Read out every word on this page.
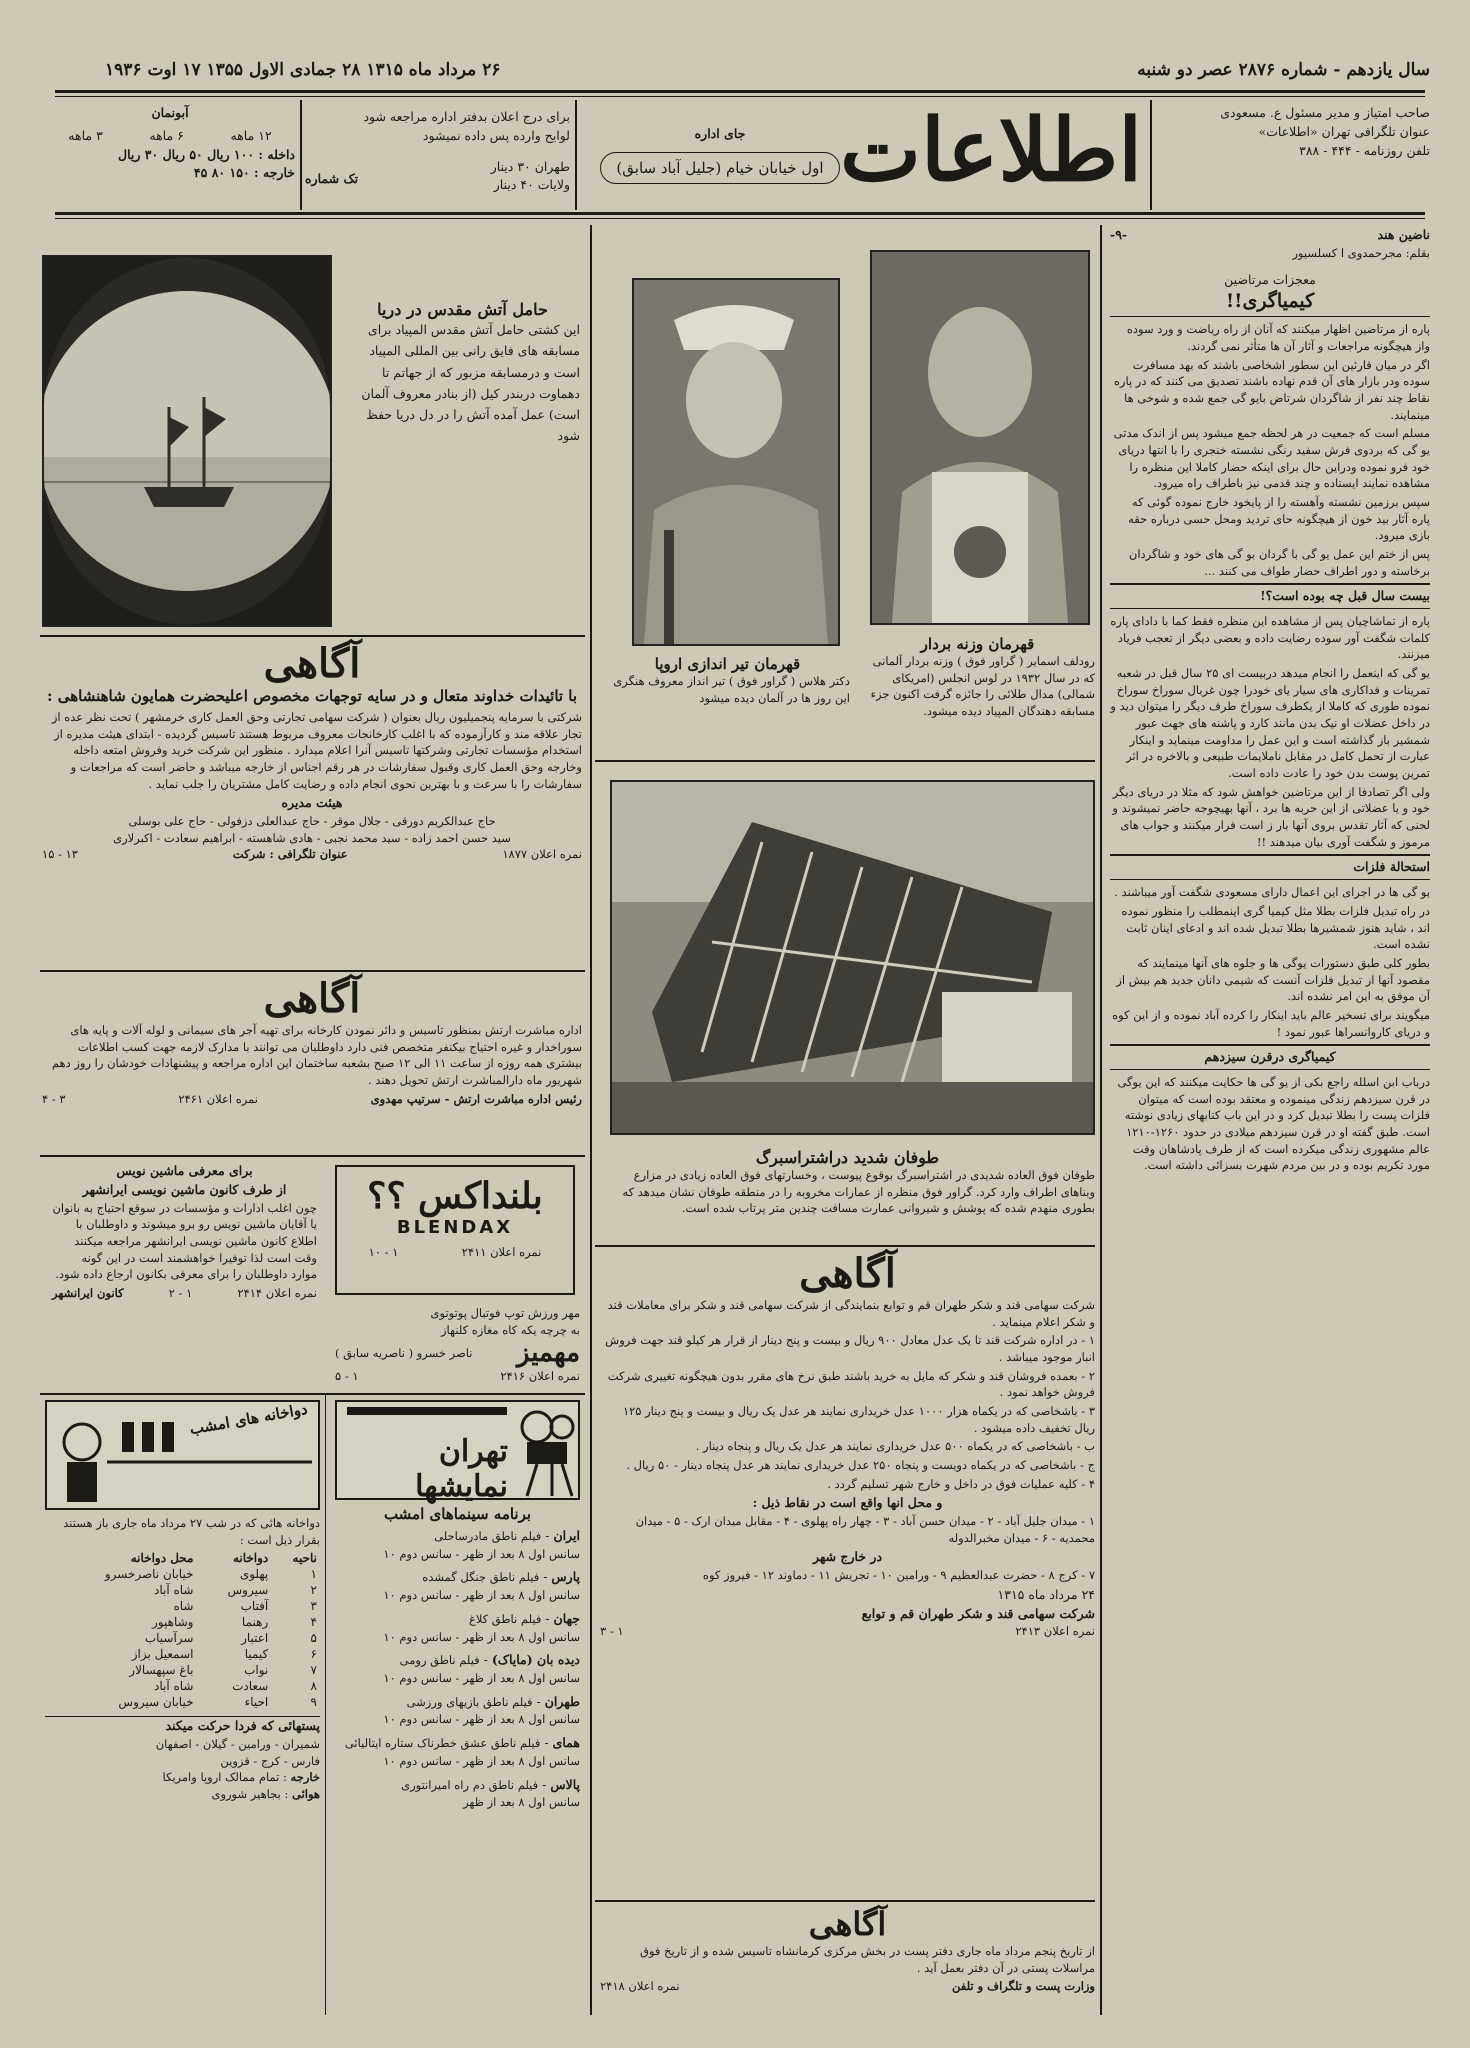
سال یازدهم - شماره ۲۸۷۶ عصر دو شنبه
۲۶ مرداد ماه ۱۳۱۵ ۲۸ جمادی الاول ۱۳۵۵ ۱۷ اوت ۱۹۳۶
صاحب امتیاز و مدیر مسئول ع. مسعودی
عنوان تلگرافی تهران «اطلاعات»
تلفن روزنامه - ۴۴۴ - ۳۸۸
اطلاعات
جای اداره
اول خیابان خیام (جلیل آباد سابق)
برای درج اعلان بدفتر اداره مراجعه شود
لوایح وارده پس داده نمیشود
طهران ۳۰ دینار
ولایات ۴۰ دینار
تک شماره
آبونمان
۱۲ ماهه
۶ ماهه
۳ ماهه
داخله : ۱۰۰ ریال ۵۰ ریال ۳۰ ریال
خارجه : ۱۵۰ ۸۰ ۴۵
ناضین هند
-۹-
بقلم: مجرحمدوی ا کسلسیور
معجزات مرتاضین
کیمیاگری!!

پاره از مرتاضین اظهار میکنند که آنان از راه ریاضت و ورد سوده واز هیچگونه مراجعات و آثار آن ها متأثر نمی گردند.

اگر در میان قارئین این سطور اشخاصی باشند که بهد مسافرت سوده ودر بازار های آن قدم نهاده باشند تصدیق می کنند که در پاره نقاط چند نفر از شاگردان شرتاض بایو گی جمع شده و شوخی ها مینمایند.

مسلم است که جمعیت در هر لحظه جمع میشود پس از اندک مدتی یو گی که بردوی فرش سفید رنگی نشسته خنجری را با انتها دریای خود فرو نموده ودراین حال برای اینکه حضار کاملا این منظره را مشاهده نمایند ایستاده و چند قدمی نیز باطراف راه میرود.

سپس برزمین نشسته وآهسته را از پایخود خارج نموده گوئی که پاره آثار بید خون از هیچگونه حای تردید ومحل حسی درباره حقه بازی میرود.

پس از ختم این عمل یو گی با گردان بو گی های خود و شاگردان برخاسته و دور اطراف حضار طواف می کنند ...

بیست سال قبل چه بوده است؟!

پاره از تماشاچیان پس از مشاهده این منظره فقط کما با دادای پاره کلمات شگفت آور سوده رضایت داده و بعضی دیگر از تعجب فریاد میزنند.

یو گی که اینعمل را انجام میدهد دربیست ای ۲۵ سال قبل در شعبه تمرینات و فداکاری های سیار یای خودرا چون غربال سوراخ سوراخ نموده طوری که کاملا از یکطرف سوراخ طرف دیگر را میتوان دید و در داخل عضلات او نیک بدن مانند کارد و پاشنه های جهت عبور شمشیر باز گذاشته است و این عمل را مداومت مینماید و اینکار عبارت از تحمل کامل در مقابل ناملایمات طبیعی و بالاخره در اثر تمرین پوست بدن خود را عادت داده است.

ولی اگر تصادفا از این مرتاضین خواهش شود که مثلا در دریای دیگر خود و یا عضلاتی از این حربه ها برد ، آنها بهیچوجه حاضر نمیشوند و لحنی که آثار تقدس بروی آنها بار ز است فرار میکنند و جواب های مرموز و شگفت آوری بیان میدهند !!

استحالة فلزات

یو گی ها در اجرای این اعمال دارای مسعودی شگفت آور میباشند .

در راه تبدیل فلزات بطلا مثل کیمیا گری اینمطلب را منظور نموده اند ، شاید هنوز شمشیرها بطلا تبدیل شده اند و ادعای اینان ثابت نشده است.

بطور کلی طبق دستورات یوگی ها و جلوه های آنها مینمایند که مقصود آنها از تبدیل فلزات آنست که شیمی دانان جدید هم بیش از آن موفق به این امر نشده اند.

میگویند برای تسخیر عالم باید اینکار را کرده آباد نموده و از این کوه و دریای کاروانسراها عبور نمود !

کیمیاگری درقرن سیزدهم

درباب ابن اسلله راجع بکی از یو گی ها حکایت میکنند که این یوگی در قرن سیزدهم زندگی مینموده و معتقد بوده است که میتوان فلزات پست را بطلا تبدیل کرد و در این باب کتابهای زیادی نوشته است. طبق گفته او در قرن سیزدهم میلادی در حدود ۱۲۶۰-۱۲۱۰ عالم مشهوری زندگی میکرده است که از طرف پادشاهان وقت مورد تکریم بوده و در بین مردم شهرت بسزائی داشته است.

قهرمان وزنه بردار

رودلف اسماير ( گراور فوق ) وزنه بردار آلمانی که در سال ۱۹۳۲ در لوس انجلس (امریکای شمالی) مدال طلائی را جائزه گرفت اکنون جزء مسابقه دهندگان المپیاد دیده میشود.

قهرمان تیر اندازی اروپا

دکتر هلاس ( گراور فوق ) تیر انداز معروف هنگری این روز ها در آلمان دیده میشود

طوفان شدید دراشتراسبرگ

طوفان فوق العاده شدیدی در اشتراسبرگ بوقوع پیوست ، وخسارتهای فوق العاده زیادی در مزارع وبناهای اطراف وارد کرد. گراور فوق منظره از عمارات مخروبه را در منطقه طوفان نشان میدهد که بطوری منهدم شده که پوشش و شیروانی عمارت مسافت چندین متر پرتاب شده است.

آگاهی

شرکت سهامی قند و شکر طهران قم و توابع بنمایندگی از شرکت سهامی قند و شکر برای معاملات قند و شکر اعلام مینماید .

۱ - در اداره شرکت قند تا یک عدل معادل ۹۰۰ ریال و بیست و پنج دینار از قرار هر کیلو قند جهت فروش انبار موجود میباشد .

۲ - بعمده فروشان قند و شکر که مایل به خرید باشند طبق نرخ های مقرر بدون هیچگونه تغییری شرکت فروش خواهد نمود .

۳ - باشخاصی که در یکماه هزار ۱۰۰۰ عدل خریداری نمایند هر عدل یک ریال و بیست و پنج دینار ۱۲۵ ریال تخفیف داده میشود .

ب - باشخاصی که در یکماه ۵۰۰ عدل خریداری نمایند هر عدل یک ریال و پنجاه دینار .

ج - باشخاصی که در یکماه دویست و پنجاه ۲۵۰ عدل خریداری نمایند هر عدل پنجاه دینار - ۵۰ ریال .

۴ - کلیه عملیات فوق در داخل و خارج شهر تسلیم گردد .

و محل انها واقع است در نقاط ذیل :

۱ - میدان جلیل آباد - ۲ - میدان حسن آباد - ۳ - چهار راه پهلوی - ۴ - مقابل میدان ارک - ۵ - میدان محمدیه - ۶ - میدان مخبرالدوله

در خارج شهر

۷ - کرج ۸ - حضرت عبدالعظیم ۹ - ورامین ۱۰ - تجریش ۱۱ - دماوند ۱۲ - فیروز کوه

۲۴ مرداد ماه ۱۳۱۵
شرکت سهامی قند و شکر طهران قم و توابع
نمره اعلان ۲۴۱۳
۱ - ۳
آگاهی

از تاریخ پنجم مرداد ماه جاری دفتر پست در بخش مرکزی کرمانشاه تاسیس شده و از تاریخ فوق مراسلات پستی در آن دفتر بعمل آید .

وزارت پست و تلگراف و تلفن
نمره اعلان ۲۴۱۸
حامل آتش مقدس در دریا

این کشتی حامل آتش مقدس المپیاد برای مسابقه های فایق رانی بین المللی المپیاد است و درمسابقه مزبور که از جهاتم تا دهماوت دربندر کیل (از بنادر معروف آلمان است) عمل آمده آتش را در دل دریا حفظ شود

آگاهی
با تائیدات خداوند متعال و در سایه توجهات مخصوص اعلیحضرت همایون شاهنشاهی :

شرکتی با سرمایه پنجمیلیون ریال بعنوان ( شرکت سهامی تجارتی وحق العمل کاری خرمشهر ) تحت نظر عده از تجار علاقه مند و کارآزموده که با اغلب کارخانجات معروف مربوط هستند تاسیس گردیده - ابتدای هیئت مدیره از استخدام مؤسسات تجارتی وشرکتها تاسیس آنرا اعلام میدارد . منظور این شرکت خرید وفروش امتعه داخله وخارجه وحق العمل کاری وقبول سفارشات در هر رقم اجناس از خارجه میباشد و حاضر است که مراجعات و سفارشات را با سرعت و با بهترین نحوی انجام داده و رضایت کامل مشتریان را جلب نماید .

هیئت مدیره
حاج عبدالکریم دورقی - جلال موقر - حاج عبدالعلی دزفولی - حاج علی بوسلی
سید حسن احمد زاده - سید محمد نجبی - هادی شاهسته - ابراهیم سعادت - اکبرلاری
نمره اعلان ۱۸۷۷
عنوان تلگرافی : شرکت
۱۳ - ۱۵
آگاهی

اداره مباشرت ارتش بمنظور تاسیس و دائر نمودن کارخانه برای تهیه آجر های سیمانی و لوله آلات و پایه های سوراخدار و غیره احتیاج بیکنفر متخصص فنی دارد داوطلبان می توانند با مدارک لازمه جهت کسب اطلاعات بیشتری همه روزه از ساعت ۱۱ الی ۱۲ صبح بشعبه ساختمان این اداره مراجعه و پیشنهادات خودشان را روز دهم شهریور ماه دارالمباشرت ارتش تحویل دهند .

رئیس اداره مباشرت ارتش - سرتیپ مهدوی
نمره اعلان ۲۴۶۱
۳ - ۴
برای معرفی ماشین نویس
از طرف کانون ماشین نویسی ایرانشهر

چون اغلب ادارات و مؤسسات در سوقع احتیاج به بانوان یا آقایان ماشین نویس رو برو میشوند و داوطلبان با اطلاع کانون ماشین نویسی ایرانشهر مراجعه میکنند وقت است لذا توفیرا خواهشمند است در این گونه موارد داوطلبان را برای معرفی بکانون ارجاع داده شود.

نمره اعلان ۲۴۱۴
۱ - ۲
کانون ایرانشهر
بلنداکس ؟؟
BLENDAX
نمره اعلان ۲۴۱۱
۱ - ۱۰
مهر ورزش توپ فوتبال پوتوتوی
به چرچه یکه کاه مغازه کلنهاز
مهمیز
ناصر خسرو ( ناصریه سابق )
نمره اعلان ۲۴۱۶
۱ - ۵
دواخانه های امشب

دواخانه هائی که در شب ۲۷ مرداد ماه جاری باز هستند بقرار ذیل است :

ناحیه	دواخانه	محل دواخانه
۱	پهلوی	خیابان ناصرخسرو
۲	سیروس	شاه آباد
۳	آفتاب	شاه
۴	رهنما	وشاهپور
۵	اعتبار	سرآسیاب
۶	کیمیا	اسمعیل بزاز
۷	نواب	باغ سپهسالار
۸	سعادت	شاه آباد
۹	احیاء	خیابان سیروس
پستهائی که فردا حرکت میکند
شمیران - ورامین - گیلان - اصفهان
فارس - کرج - قزوین
خارجه : تمام ممالک اروپا وامریکا
هوائی : بجاهیر شوروی
تهران نمایشها
برنامه سینماهای امشب
ایران - فیلم ناطق مادرساحلی
سانس اول ۸ بعد از ظهر - سانس دوم ۱۰
پارس - فیلم ناطق جنگل گمشده
سانس اول ۸ بعد از ظهر - سانس دوم ۱۰
جهان - فیلم ناطق کلاغ
سانس اول ۸ بعد از ظهر - سانس دوم ۱۰
دیده بان (مایاک) - فیلم ناطق رومی
سانس اول ۸ بعد از ظهر - سانس دوم ۱۰
طهران - فیلم ناطق بازیهای ورزشی
سانس اول ۸ بعد از ظهر - سانس دوم ۱۰
همای - فیلم ناطق عشق خطرناک ستاره ایتالیائی
سانس اول ۸ بعد از ظهر - سانس دوم ۱۰
پالاس - فیلم ناطق دم راه امیرانتوری
سانس اول ۸ بعد از ظهر
